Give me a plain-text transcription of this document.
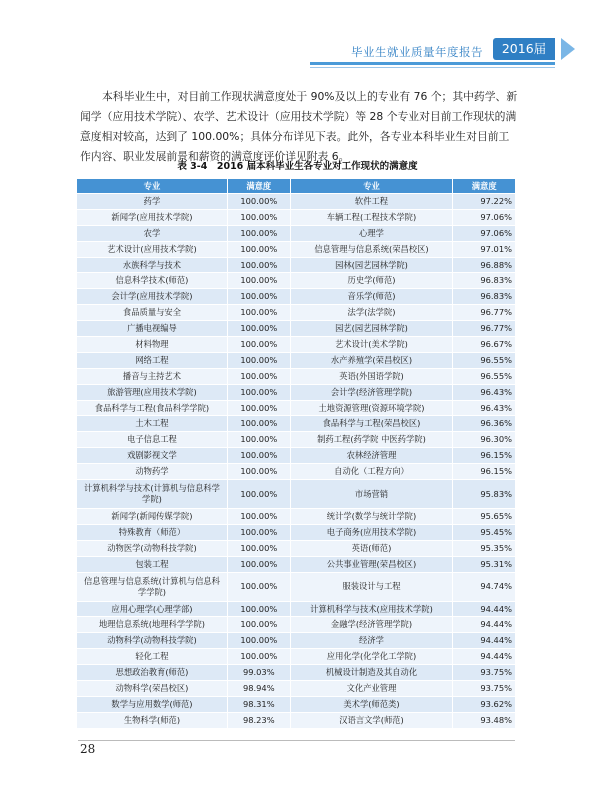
毕业生就业质量年度报告	2016届

本科毕业生中，对目前工作现状满意度处于 90%及以上的专业有 76 个；其中药学、新闻学（应用技术学院）、农学、艺术设计（应用技术学院）等 28 个专业对目前工作现状的满意度相对较高，达到了 100.00%；具体分布详见下表。此外，各专业本科毕业生对目前工作内容、职业发展前景和薪资的满意度评价详见附表 6。

表 3-4　2016 届本科毕业生各专业对工作现状的满意度
专业	满意度	专业	满意度
药学	100.00%	软件工程	97.22%
新闻学(应用技术学院)	100.00%	车辆工程(工程技术学院)	97.06%
农学	100.00%	心理学	97.06%
艺术设计(应用技术学院)	100.00%	信息管理与信息系统(荣昌校区)	97.01%
水族科学与技术	100.00%	园林(园艺园林学院)	96.88%
信息科学技术(师范)	100.00%	历史学(师范)	96.83%
会计学(应用技术学院)	100.00%	音乐学(师范)	96.83%
食品质量与安全	100.00%	法学(法学院)	96.77%
广播电视编导	100.00%	园艺(园艺园林学院)	96.77%
材料物理	100.00%	艺术设计(美术学院)	96.67%
网络工程	100.00%	水产养殖学(荣昌校区)	96.55%
播音与主持艺术	100.00%	英语(外国语学院)	96.55%
旅游管理(应用技术学院)	100.00%	会计学(经济管理学院)	96.43%
食品科学与工程(食品科学学院)	100.00%	土地资源管理(资源环境学院)	96.43%
土木工程	100.00%	食品科学与工程(荣昌校区)	96.36%
电子信息工程	100.00%	制药工程(药学院 中医药学院)	96.30%
戏剧影视文学	100.00%	农林经济管理	96.15%
动物药学	100.00%	自动化（工程方向）	96.15%
计算机科学与技术(计算机与信息科学学院)	100.00%	市场营销	95.83%
新闻学(新闻传媒学院)	100.00%	统计学(数学与统计学院)	95.65%
特殊教育（师范）	100.00%	电子商务(应用技术学院)	95.45%
动物医学(动物科技学院)	100.00%	英语(师范)	95.35%
包装工程	100.00%	公共事业管理(荣昌校区)	95.31%
信息管理与信息系统(计算机与信息科学学院)	100.00%	服装设计与工程	94.74%
应用心理学(心理学部)	100.00%	计算机科学与技术(应用技术学院)	94.44%
地理信息系统(地理科学学院)	100.00%	金融学(经济管理学院)	94.44%
动物科学(动物科技学院)	100.00%	经济学	94.44%
轻化工程	100.00%	应用化学(化学化工学院)	94.44%
思想政治教育(师范)	99.03%	机械设计制造及其自动化	93.75%
动物科学(荣昌校区)	98.94%	文化产业管理	93.75%
数学与应用数学(师范)	98.31%	美术学(师范类)	93.62%
生物科学(师范)	98.23%	汉语言文学(师范)	93.48%
28
